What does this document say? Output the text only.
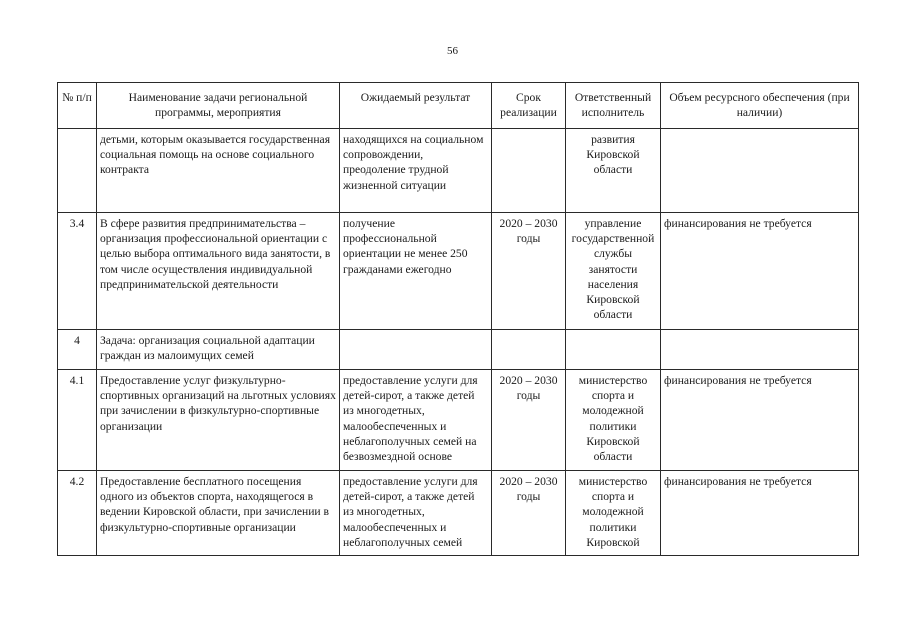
56
№ п/п	Наименование задачи региональной программы, мероприятия	Ожидаемый результат	Срок реализации	Ответственный исполнитель	Объем ресурсного обеспечения (при наличии)
	детьми, которым оказывается государственная социальная помощь на основе социального контракта	находящихся на социальном сопровождении, преодоление трудной жизненной ситуации		развития Кировской области	
3.4	В сфере развития предпринимательства – организация профессиональной ориентации с целью выбора оптимального вида занятости, в том числе осуществления индивидуальной предпринимательской деятельности	получение профессиональной ориентации не менее 250 гражданами ежегодно	2020 – 2030 годы	управление государственной службы занятости населения Кировской области	финансирования не требуется
4	Задача: организация социальной адаптации граждан из малоимущих семей				
4.1	Предоставление услуг физкультурно-спортивных организаций на льготных условиях при зачислении в физкультурно-спортивные организации	предоставление услуги для детей-сирот, а также детей из многодетных, малообеспеченных и неблагополучных семей на безвозмездной основе	2020 – 2030 годы	министерство спорта и молодежной политики Кировской области	финансирования не требуется
4.2	Предоставление бесплатного посещения одного из объектов спорта, находящегося в ведении Кировской области, при зачислении в физкультурно-спортивные организации	предоставление услуги для детей-сирот, а также детей из многодетных, малообеспеченных и неблагополучных семей	2020 – 2030 годы	министерство спорта и молодежной политики Кировской	финансирования не требуется
